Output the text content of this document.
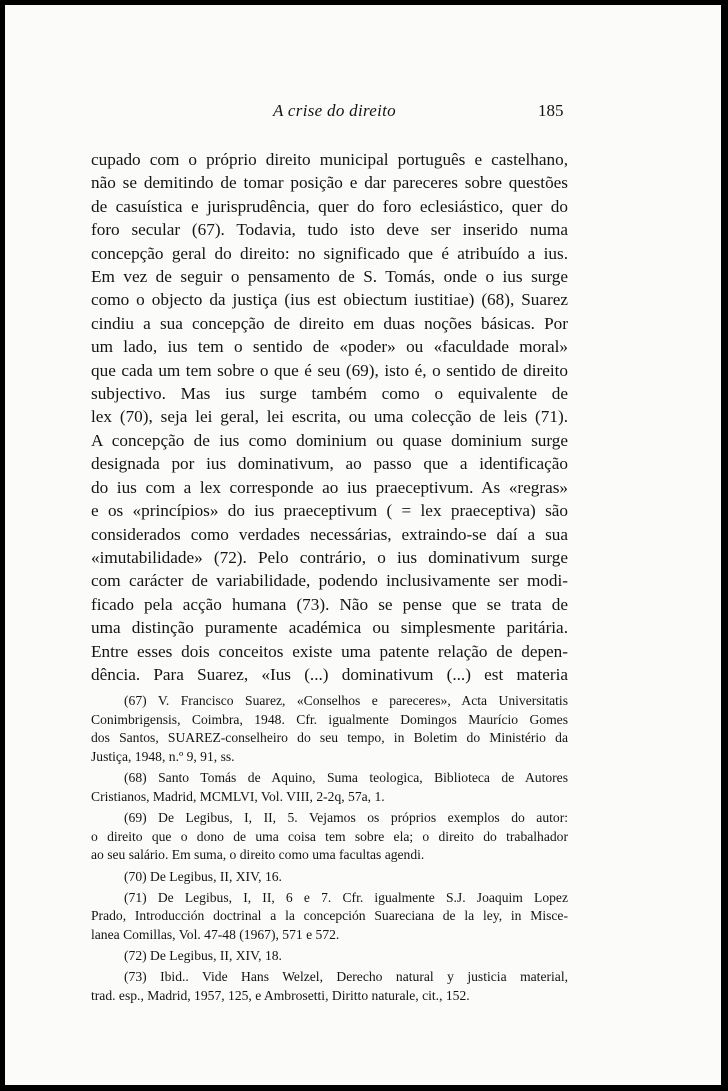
A crise do direito	185
cupado com o próprio direito municipal português e castelhano,
não se demitindo de tomar posição e dar pareceres sobre questões
de casuística e jurisprudência, quer do foro eclesiástico, quer do
foro secular (67). Todavia, tudo isto deve ser inserido numa
concepção geral do direito: no significado que é atribuído a ius.
Em vez de seguir o pensamento de S. Tomás, onde o ius surge
como o objecto da justiça (ius est obiectum iustitiae) (68), Suarez
cindiu a sua concepção de direito em duas noções básicas. Por
um lado, ius tem o sentido de «poder» ou «faculdade moral»
que cada um tem sobre o que é seu (69), isto é, o sentido de direito
subjectivo. Mas ius surge também como o equivalente de
lex (70), seja lei geral, lei escrita, ou uma colecção de leis (71).
A concepção de ius como dominium ou quase dominium surge
designada por ius dominativum, ao passo que a identificação
do ius com a lex corresponde ao ius praeceptivum. As «regras»
e os «princípios» do ius praeceptivum ( = lex praeceptiva) são
considerados como verdades necessárias, extraindo-se daí a sua
«imutabilidade» (72). Pelo contrário, o ius dominativum surge
com carácter de variabilidade, podendo inclusivamente ser modi-
ficado pela acção humana (73). Não se pense que se trata de
uma distinção puramente académica ou simplesmente paritária.
Entre esses dois conceitos existe uma patente relação de depen-
dência. Para Suarez, «Ius (...) dominativum (...) est materia
(67) V. Francisco Suarez, «Conselhos e pareceres», Acta Universitatis
Conimbrigensis, Coimbra, 1948. Cfr. igualmente Domingos Maurício Gomes
dos Santos, SUAREZ-conselheiro do seu tempo, in Boletim do Ministério da
Justiça, 1948, n.º 9, 91, ss.
(68) Santo Tomás de Aquino, Suma teologica, Biblioteca de Autores
Cristianos, Madrid, MCMLVI, Vol. VIII, 2-2q, 57a, 1.
(69) De Legibus, I, II, 5. Vejamos os próprios exemplos do autor:
o direito que o dono de uma coisa tem sobre ela; o direito do trabalhador
ao seu salário. Em suma, o direito como uma facultas agendi.
(70) De Legibus, II, XIV, 16.
(71) De Legibus, I, II, 6 e 7. Cfr. igualmente S.J. Joaquim Lopez
Prado, Introducción doctrinal a la concepción Suareciana de la ley, in Misce-
lanea Comillas, Vol. 47-48 (1967), 571 e 572.
(72) De Legibus, II, XIV, 18.
(73) Ibid.. Vide Hans Welzel, Derecho natural y justicia material,
trad. esp., Madrid, 1957, 125, e Ambrosetti, Diritto naturale, cit., 152.
